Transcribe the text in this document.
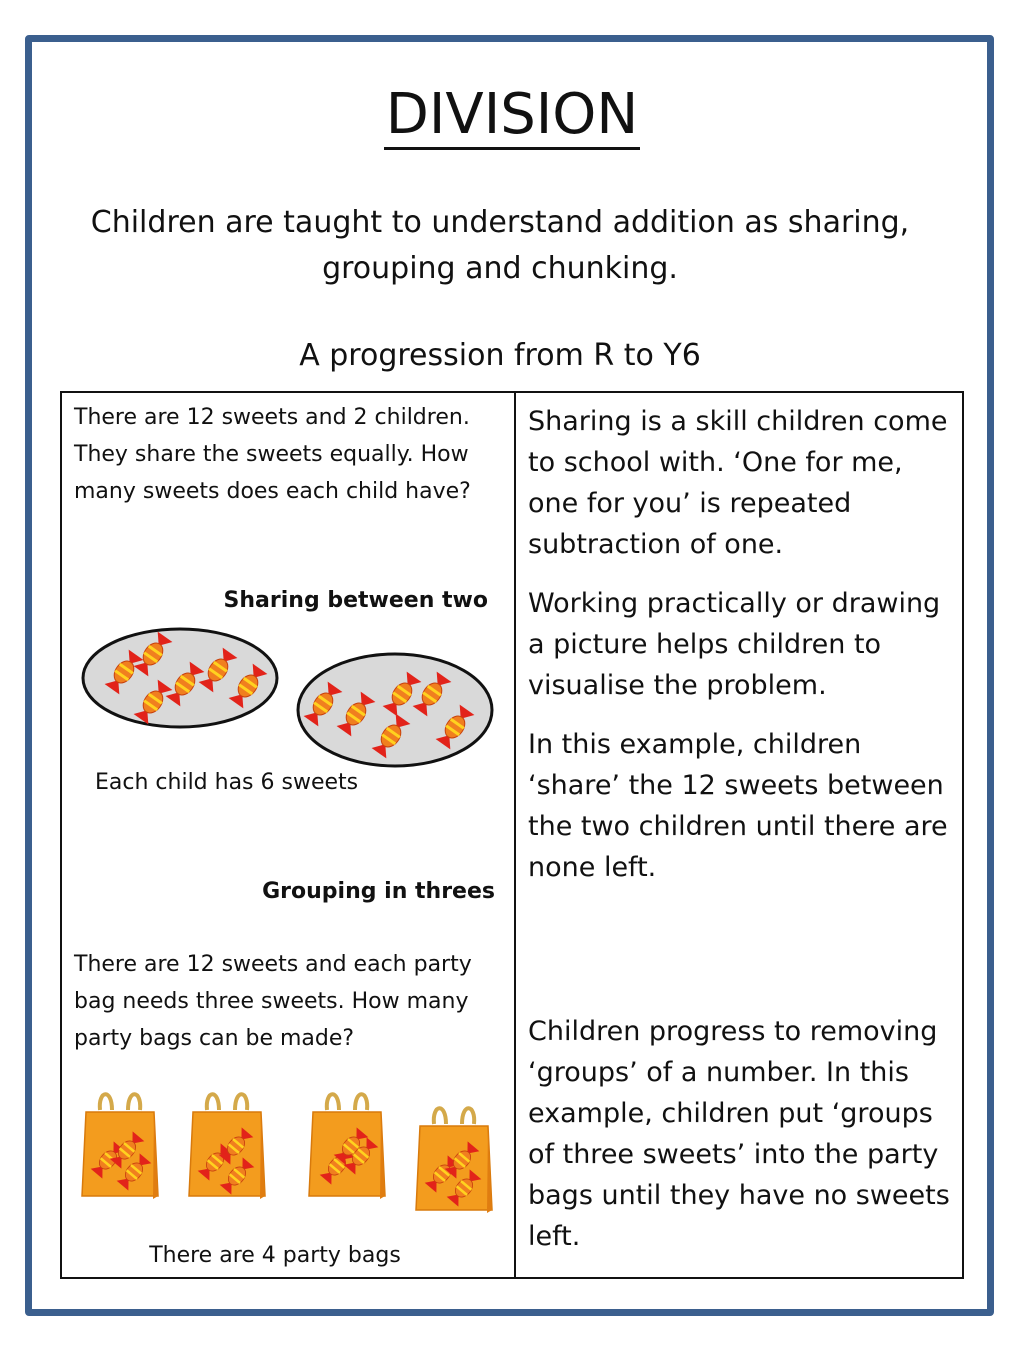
DIVISION
Children are taught to understand addition as sharing, grouping and chunking.
A progression from R to Y6
There are 12 sweets and 2 children. They share the sweets equally. How many sweets does each child have?
Sharing between two
Each child has 6 sweets
Grouping in threes
There are 12 sweets and each party bag needs three sweets. How many party bags can be made?
There are 4 party bags
Sharing is a skill children come to school with. ‘One for me, one for you’ is repeated subtraction of one.
Working practically or drawing a picture helps children to visualise the problem.
In this example, children ‘share’ the 12 sweets between the two children until there are none left.
Children progress to removing ‘groups’ of a number. In this example, children put ‘groups of three sweets’ into the party bags until they have no sweets left.
